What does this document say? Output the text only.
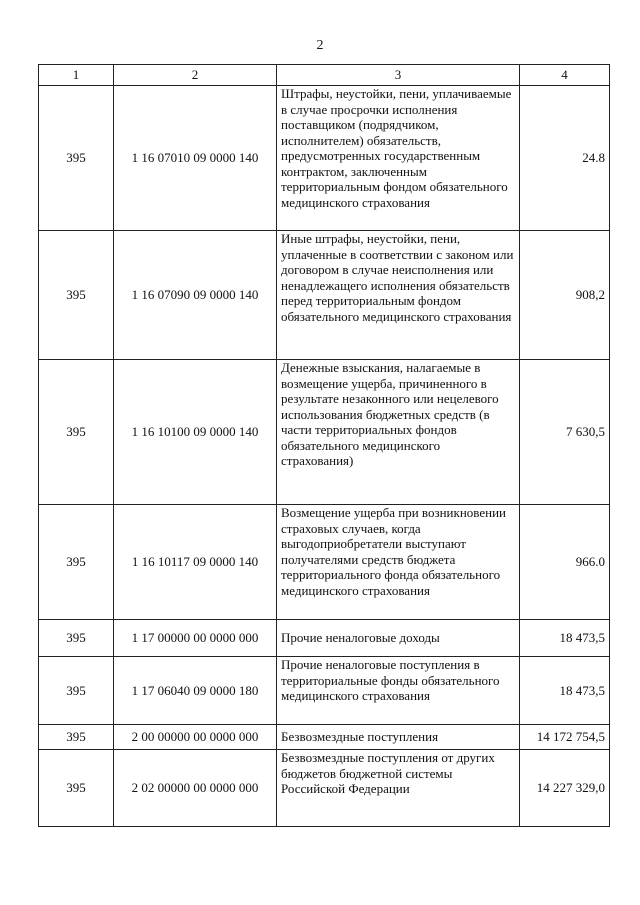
2
1	2	3	4
395	1 16 07010 09 0000 140	Штрафы, неустойки, пени, уплачиваемые в случае просрочки исполнения поставщиком (подрядчиком, исполнителем) обязательств, предусмотренных государственным контрактом, заключенным территориальным фондом обязательного медицинского страхования	24.8
395	1 16 07090 09 0000 140	Иные штрафы, неустойки, пени, уплаченные в соответствии с законом или договором в случае неисполнения или ненадлежащего исполнения обязательств перед территориальным фондом обязательного медицинского страхования	908,2
395	1 16 10100 09 0000 140	Денежные взыскания, налагаемые в возмещение ущерба, причиненного в результате незаконного или нецелевого использования бюджетных средств (в части территориальных фондов обязательного медицинского страхования)	7 630,5
395	1 16 10117 09 0000 140	Возмещение ущерба при возникновении страховых случаев, когда выгодоприобретатели выступают получателями средств бюджета территориального фонда обязательного медицинского страхования	966.0
395	1 17 00000 00 0000 000	Прочие неналоговые доходы	18 473,5
395	1 17 06040 09 0000 180	Прочие неналоговые поступления в территориальные фонды обязательного медицинского страхования	18 473,5
395	2 00 00000 00 0000 000	Безвозмездные поступления	14 172 754,5
395	2 02 00000 00 0000 000	Безвозмездные поступления от других бюджетов бюджетной системы Российской Федерации	14 227 329,0
